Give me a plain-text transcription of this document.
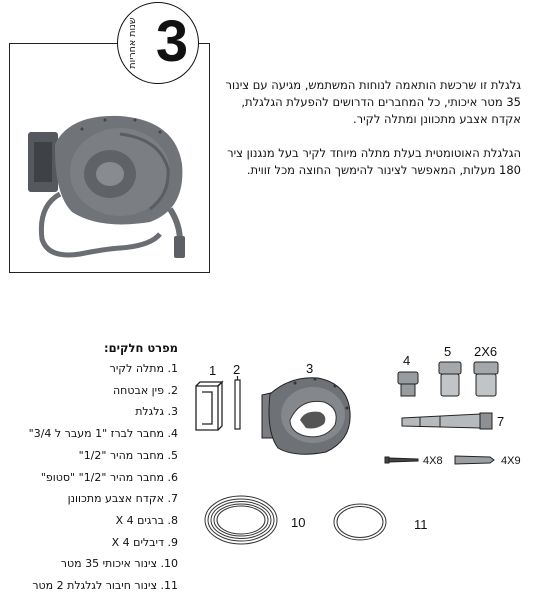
3
שנות אחריות

גלגלת זו שרכשת הותאמה לנוחות המשתמש, מגיעה עם צינור 35 מטר איכותי, כל המחברים הדרושים להפעלת הגלגלת, אקדח אצבע מתכוונן ומתלה לקיר.

הגלגלת האוטומטית בעלת מתלה מיוחד לקיר בעל מנגנון ציר 180 מעלות, המאפשר לצינור להימשך החוצה מכל זווית.

מפרט חלקים:
1. מתלה לקיר
2. פין אבטחה
3. גלגלת
4. מחבר לברז "1 מעבר ל 3/4"
5. מחבר מהיר "1/2"
6. מחבר מהיר "1/2" "סטופ"
7. אקדח אצבע מתכוונן
8. ברגים X 4
9. דיבלים X 4
10. צינור איכותי 35 מטר
11. צינור חיבור לגלגלת 2 מטר
1 2	3
4
5 2X6
7
4X8	4X9
10	11
